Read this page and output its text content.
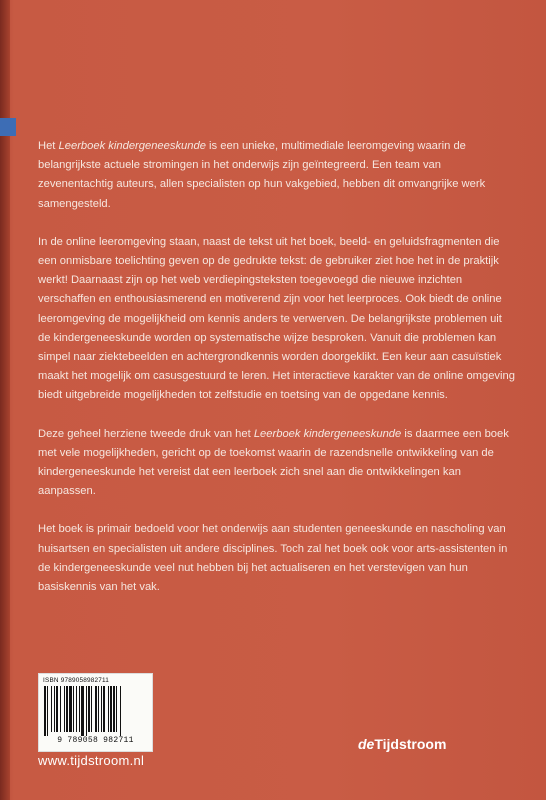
Het Leerboek kindergeneeskunde is een unieke, multimediale leeromgeving waarin de belangrijkste actuele stromingen in het onderwijs zijn geïntegreerd. Een team van zevenentachtig auteurs, allen specialisten op hun vakgebied, hebben dit omvangrijke werk samengesteld.

In de online leeromgeving staan, naast de tekst uit het boek, beeld- en geluidsfragmenten die een onmisbare toelichting geven op de gedrukte tekst: de gebruiker ziet hoe het in de praktijk werkt! Daarnaast zijn op het web verdiepingsteksten toegevoegd die nieuwe inzichten verschaffen en enthousiasmerend en motiverend zijn voor het leerproces. Ook biedt de online leeromgeving de mogelijkheid om kennis anders te verwerven. De belangrijkste problemen uit de kindergeneeskunde worden op systematische wijze besproken. Vanuit die problemen kan simpel naar ziektebeelden en achtergrondkennis worden doorgeklikt. Een keur aan casuïstiek maakt het mogelijk om casusgestuurd te leren. Het interactieve karakter van de online omgeving biedt uitgebreide mogelijkheden tot zelfstudie en toetsing van de opgedane kennis.

Deze geheel herziene tweede druk van het Leerboek kindergeneeskunde is daarmee een boek met vele mogelijkheden, gericht op de toekomst waarin de razendsnelle ontwikkeling van de kindergeneeskunde het vereist dat een leerboek zich snel aan die ontwikkelingen kan aanpassen.

Het boek is primair bedoeld voor het onderwijs aan studenten geneeskunde en nascholing van huisartsen en specialisten uit andere disciplines. Toch zal het boek ook voor arts-assistenten in de kindergeneeskunde veel nut hebben bij het actualiseren en het verstevigen van hun basiskennis van het vak.

ISBN 9789058982711
9 789058 982711	deTijdstroom
www.tijdstroom.nl
